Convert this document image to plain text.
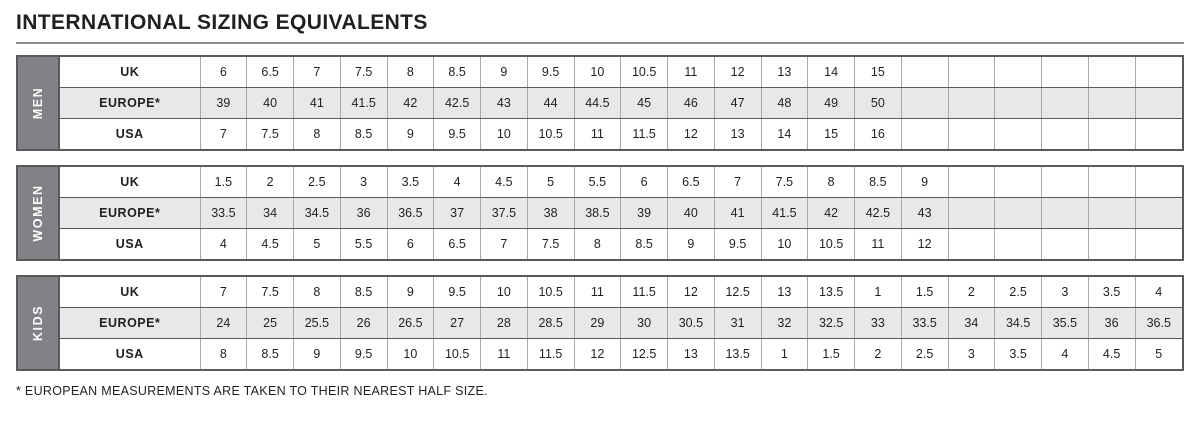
INTERNATIONAL SIZING EQUIVALENTS
MEN
UK	6	6.5	7	7.5	8	8.5	9	9.5	10	10.5	11	12	13	14	15						
EUROPE*	39	40	41	41.5	42	42.5	43	44	44.5	45	46	47	48	49	50						
USA	7	7.5	8	8.5	9	9.5	10	10.5	11	11.5	12	13	14	15	16						
WOMEN
UK	1.5	2	2.5	3	3.5	4	4.5	5	5.5	6	6.5	7	7.5	8	8.5	9					
EUROPE*	33.5	34	34.5	36	36.5	37	37.5	38	38.5	39	40	41	41.5	42	42.5	43					
USA	4	4.5	5	5.5	6	6.5	7	7.5	8	8.5	9	9.5	10	10.5	11	12					
KIDS
UK	7	7.5	8	8.5	9	9.5	10	10.5	11	11.5	12	12.5	13	13.5	1	1.5	2	2.5	3	3.5	4
EUROPE*	24	25	25.5	26	26.5	27	28	28.5	29	30	30.5	31	32	32.5	33	33.5	34	34.5	35.5	36	36.5
USA	8	8.5	9	9.5	10	10.5	11	11.5	12	12.5	13	13.5	1	1.5	2	2.5	3	3.5	4	4.5	5
* EUROPEAN MEASUREMENTS ARE TAKEN TO THEIR NEAREST HALF SIZE.
